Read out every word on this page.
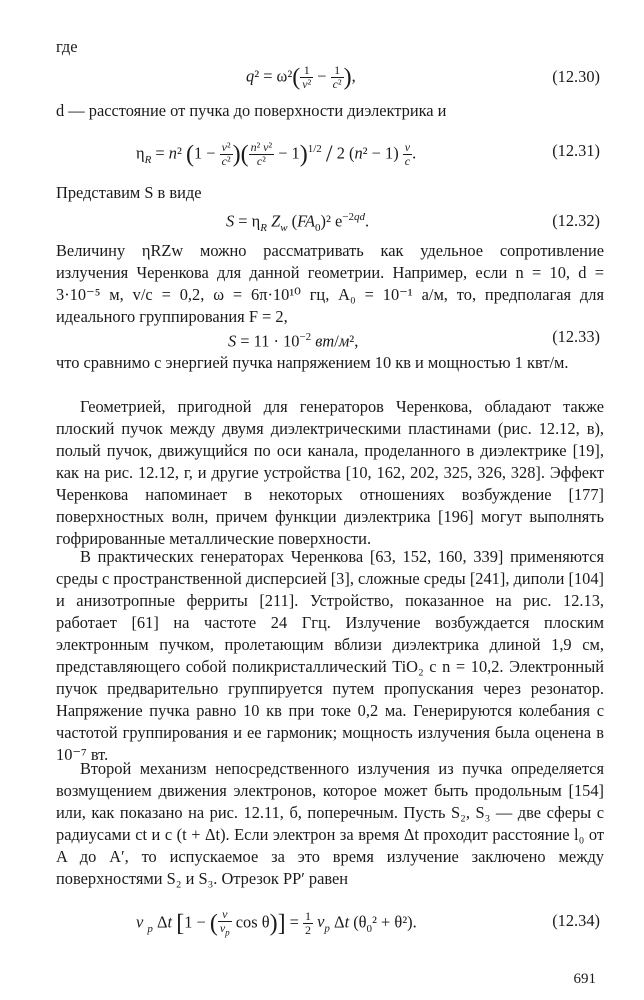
где
$q^2 = \omega^2( \frac{1}{\text{v²}} - \frac{1}{\text{c²}}$ ),	(12.30)

d — расстояние от пучка до поверхности диэлектрика и

$\eta_R = n^2$ ($1 - \frac{\text{v²}}{\text{c²}}$ )( $\frac{\text{n² v²}}{\text{c²}} - 1)^{1/2} / 2$ $(n^2 - 1) \frac{v}{c}$ .	(12.31)

Представим S в виде

$S = \eta_R$ $Z_w$ $(FA_0)^2$ $e^{-2qd}$.	(12.32)

Величину ηRZw можно рассматривать как удельное сопротивление излучения Черенкова для данной геометрии. Например, если n = 10, d = 3·10⁻⁵ м, v/c = 0,2, ω = 6π·10¹⁰ гц, A₀ = 10⁻¹ а/м, то, предполагая для идеального группирования F = 2,

$S = 11 \cdot 10^{-2}$ вт/м²,	(12.33)

что сравнимо с энергией пучка напряжением 10 кв и мощностью 1 квт/м.

Геометрией, пригодной для генераторов Черенкова, обладают также плоский пучок между двумя диэлектрическими пластинами (рис. 12.12, в), полый пучок, движущийся по оси канала, проделанного в диэлектрике [19], как на рис. 12.12, г, и другие устройства [10, 162, 202, 325, 326, 328]. Эффект Черенкова напоминает в некоторых отношениях возбуждение [177] поверхностных волн, причем функции диэлектрика [196] могут выполнять гофрированные металлические поверхности.

В практических генераторах Черенкова [63, 152, 160, 339] применяются среды с пространственной дисперсией [3], сложные среды [241], диполи [104] и анизотропные ферриты [211]. Устройство, показанное на рис. 12.13, работает [61] на частоте 24 Ггц. Излучение возбуждается плоским электронным пучком, пролетающим вблизи диэлектрика длиной 1,9 см, представляющего собой поликристаллический TiO₂ с n = 10,2. Электронный пучок предварительно группируется путем пропускания через резонатор. Напряжение пучка равно 10 кв при токе 0,2 ма. Генерируются колебания с частотой группирования и ее гармоник; мощность излучения была оценена в 10⁻⁷ вт.

Второй механизм непосредственного излучения из пучка определяется возмущением движения электронов, которое может быть продольным [154] или, как показано на рис. 12.11, б, поперечным. Пусть S₂, S₃ — две сферы с радиусами ct и c (t + Δt). Если электрон за время Δt проходит расстояние l₀ от A до A′, то испускаемое за это время излучение заключено между поверхностями S₂ и S₃. Отрезок PP′ равен

v $_p$ Δt [1 − ( $\frac{v}{v_p}$ $\cos \theta)] = \frac{1}{2} v_p$ Δt $(\theta_0^2 + \theta^2)$.	(12.34)
691
